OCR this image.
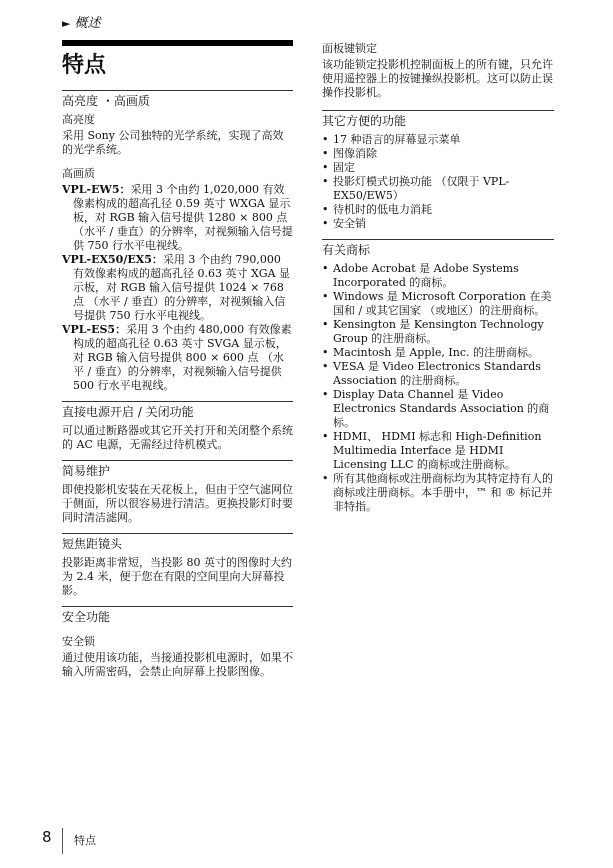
► 概述
特点
高亮度 ・高画质
高亮度

采用 Sony 公司独特的光学系统，实现了高效的光学系统。

高画质

VPL-EW5：采用 3 个由约 1,020,000 有效像素构成的超高孔径 0.59 英寸 WXGA 显示板，对 RGB 输入信号提供 1280 × 800 点 （水平 / 垂直）的分辨率，对视频输入信号提供 750 行水平电视线。

VPL-EX50/EX5：采用 3 个由约 790,000 有效像素构成的超高孔径 0.63 英寸 XGA 显示板，对 RGB 输入信号提供 1024 × 768 点 （水平 / 垂直）的分辨率，对视频输入信号提供 750 行水平电视线。

VPL-ES5：采用 3 个由约 480,000 有效像素构成的超高孔径 0.63 英寸 SVGA 显示板，对 RGB 输入信号提供 800 × 600 点 （水平 / 垂直）的分辨率，对视频输入信号提供 500 行水平电视线。

直接电源开启 / 关闭功能

可以通过断路器或其它开关打开和关闭整个系统的 AC 电源，无需经过待机模式。

简易维护

即使投影机安装在天花板上，但由于空气滤网位于侧面，所以很容易进行清洁。更换投影灯时要同时清洁滤网。

短焦距镜头

投影距离非常短，当投影 80 英寸的图像时大约为 2.4 米，便于您在有限的空间里向大屏幕投影。

安全功能
安全锁

通过使用该功能，当接通投影机电源时，如果不输入所需密码，会禁止向屏幕上投影图像。

面板键锁定

该功能锁定投影机控制面板上的所有键，只允许使用遥控器上的按键操纵投影机。这可以防止误操作投影机。

其它方便的功能
• 17 种语言的屏幕显示菜单
• 图像消除
• 固定
• 投影灯模式切换功能 （仅限于 VPL-EX50/EW5）
• 待机时的低电力消耗
• 安全销
有关商标
• Adobe Acrobat 是 Adobe Systems Incorporated 的商标。
• Windows 是 Microsoft Corporation 在美国和 / 或其它国家 （或地区）的注册商标。
• Kensington 是 Kensington Technology Group 的注册商标。
• Macintosh 是 Apple, Inc. 的注册商标。
• VESA 是 Video Electronics Standards Association 的注册商标。
• Display Data Channel 是 Video Electronics Standards Association 的商标。
• HDMI、 HDMI 标志和 High-Definition Multimedia Interface 是 HDMI Licensing LLC 的商标或注册商标。
• 所有其他商标或注册商标均为其特定持有人的商标或注册商标。本手册中，™ 和 ® 标记并非特指。
8 特点
